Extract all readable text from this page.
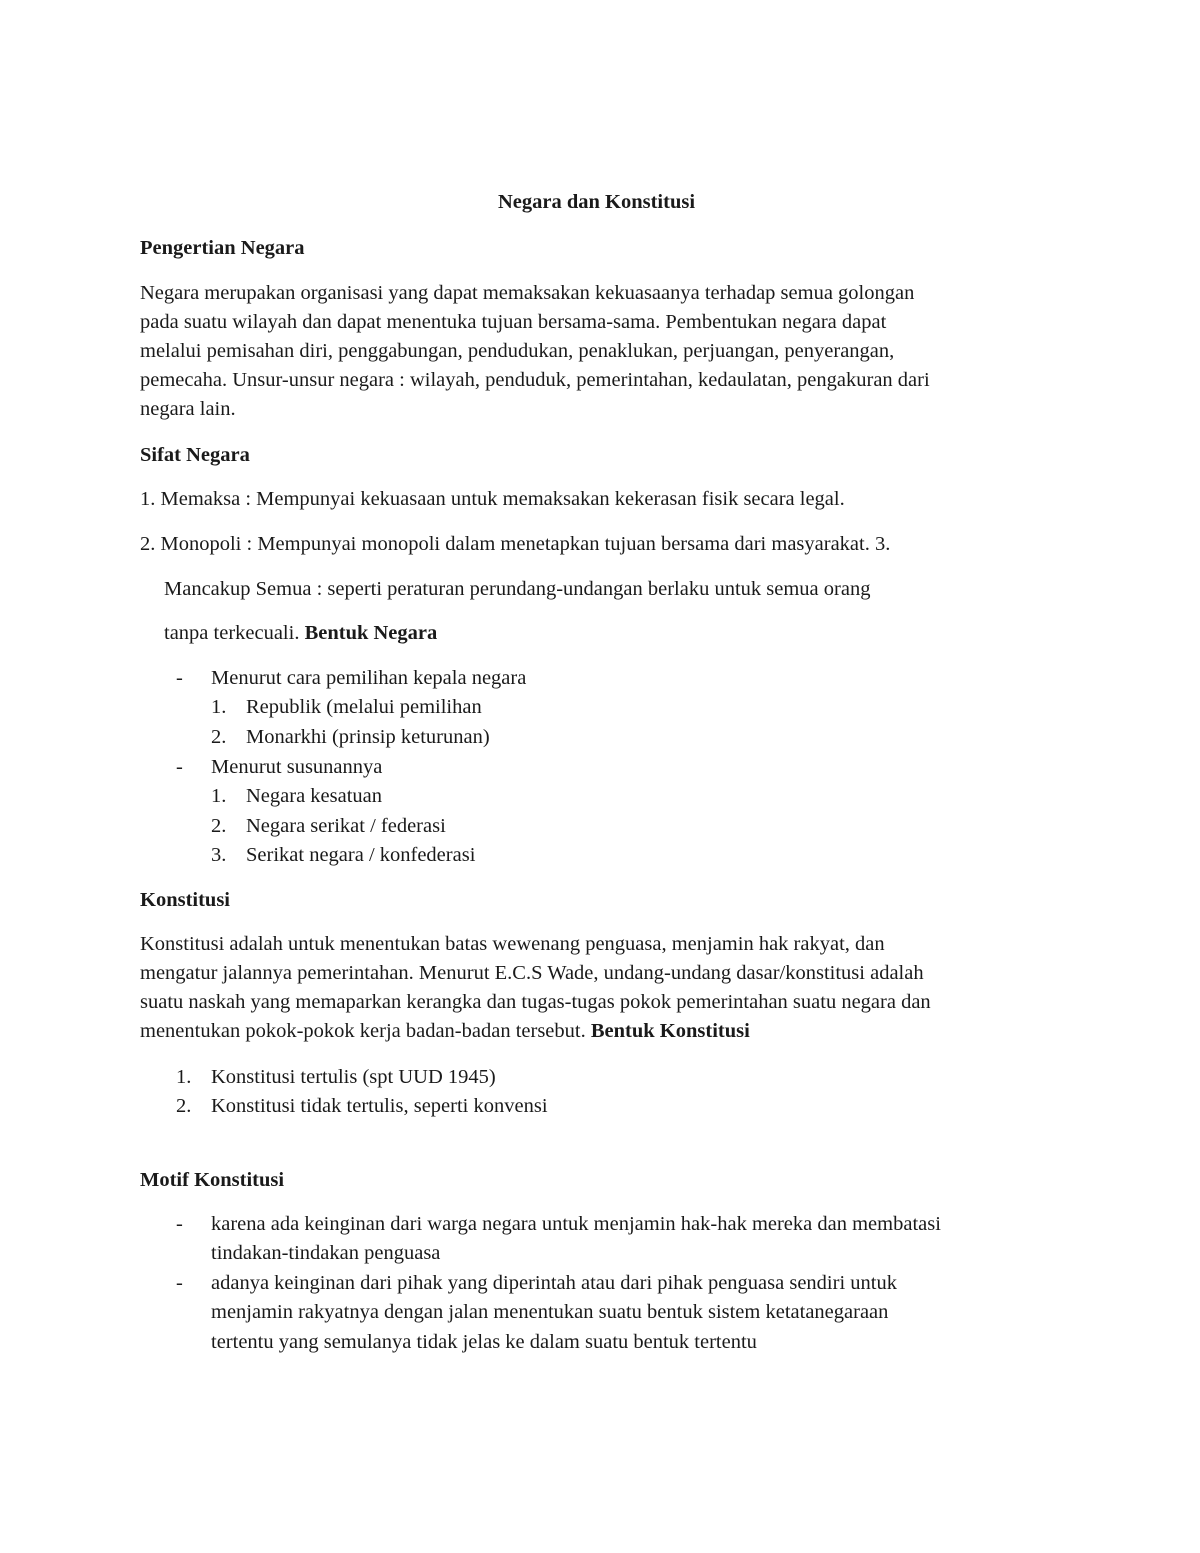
Negara dan Konstitusi
Pengertian Negara
Negara merupakan organisasi yang dapat memaksakan kekuasaanya terhadap semua golongan
pada suatu wilayah dan dapat menentuka tujuan bersama-sama. Pembentukan negara dapat
melalui pemisahan diri, penggabungan, pendudukan, penaklukan, perjuangan, penyerangan,
pemecaha. Unsur-unsur negara : wilayah, penduduk, pemerintahan, kedaulatan, pengakuran dari
negara lain.
Sifat Negara
1. Memaksa : Mempunyai kekuasaan untuk memaksakan kekerasan fisik secara legal.
2. Monopoli : Mempunyai monopoli dalam menetapkan tujuan bersama dari masyarakat. 3.
Mancakup Semua : seperti peraturan perundang-undangan berlaku untuk semua orang
tanpa terkecuali. Bentuk Negara
- Menurut cara pemilihan kepala negara
1. Republik (melalui pemilihan
2. Monarkhi (prinsip keturunan)
- Menurut susunannya
1. Negara kesatuan
2. Negara serikat / federasi
3. Serikat negara / konfederasi
Konstitusi
Konstitusi adalah untuk menentukan batas wewenang penguasa, menjamin hak rakyat, dan
mengatur jalannya pemerintahan. Menurut E.C.S Wade, undang-undang dasar/konstitusi adalah
suatu naskah yang memaparkan kerangka dan tugas-tugas pokok pemerintahan suatu negara dan
menentukan pokok-pokok kerja badan-badan tersebut. Bentuk Konstitusi
1. Konstitusi tertulis (spt UUD 1945)
2. Konstitusi tidak tertulis, seperti konvensi
Motif Konstitusi
- karena ada keinginan dari warga negara untuk menjamin hak-hak mereka dan membatasi
tindakan-tindakan penguasa
- adanya keinginan dari pihak yang diperintah atau dari pihak penguasa sendiri untuk
menjamin rakyatnya dengan jalan menentukan suatu bentuk sistem ketatanegaraan
tertentu yang semulanya tidak jelas ke dalam suatu bentuk tertentu
